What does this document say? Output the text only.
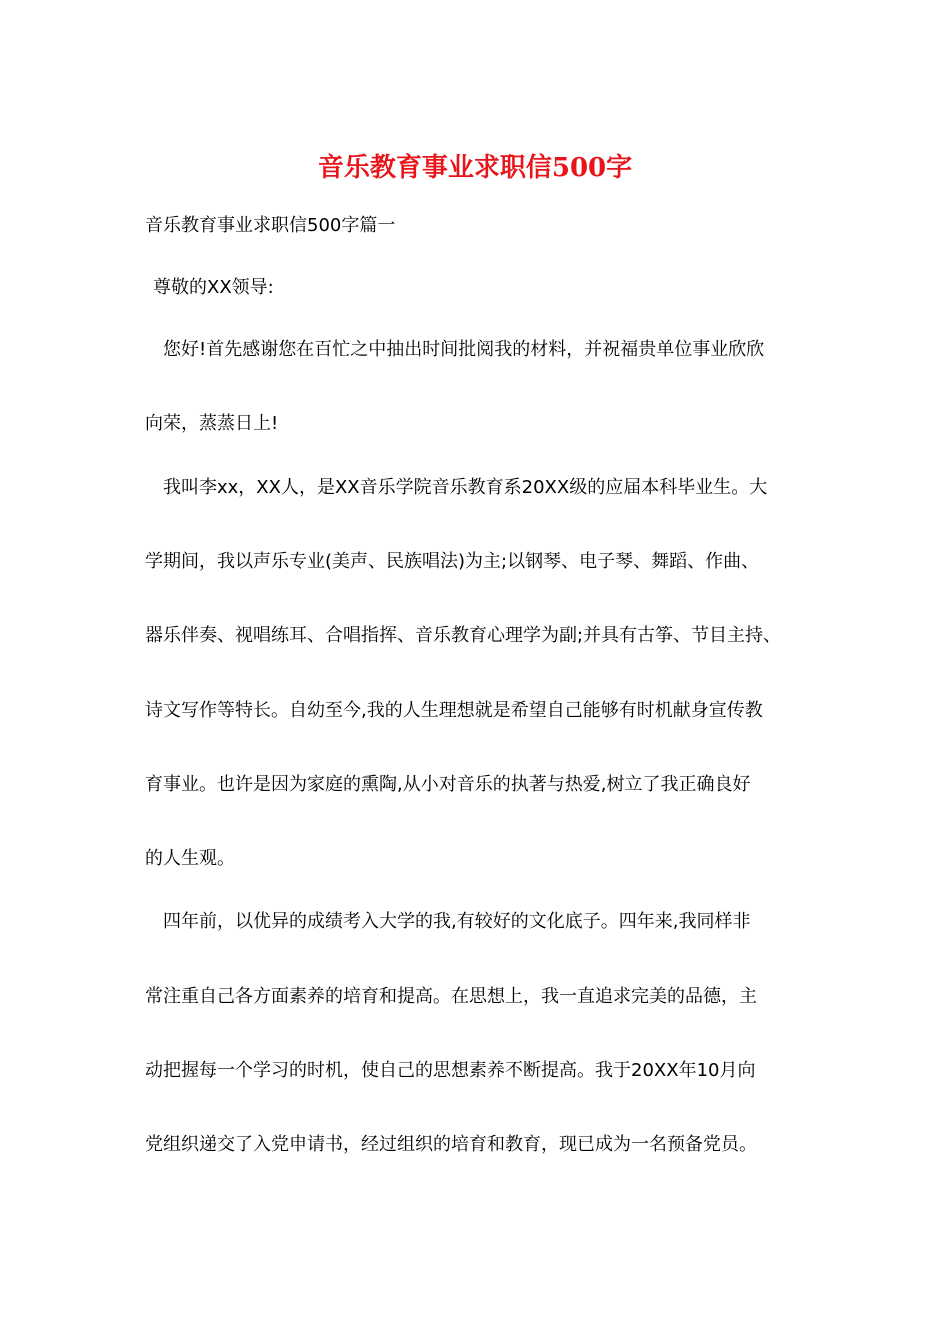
音乐教育事业求职信500字
音乐教育事业求职信500字篇一
尊敬的XX领导:
您好!首先感谢您在百忙之中抽出时间批阅我的材料，并祝福贵单位事业欣欣
向荣，蒸蒸日上!
我叫李xx，XX人，是XX音乐学院音乐教育系20XX级的应届本科毕业生。大
学期间，我以声乐专业(美声、民族唱法)为主;以钢琴、电子琴、舞蹈、作曲、
器乐伴奏、视唱练耳、合唱指挥、音乐教育心理学为副;并具有古筝、节目主持、
诗文写作等特长。自幼至今,我的人生理想就是希望自己能够有时机献身宣传教
育事业。也许是因为家庭的熏陶,从小对音乐的执著与热爱,树立了我正确良好
的人生观。
四年前，以优异的成绩考入大学的我,有较好的文化底子。四年来,我同样非
常注重自己各方面素养的培育和提高。在思想上，我一直追求完美的品德，主
动把握每一个学习的时机，使自己的思想素养不断提高。我于20XX年10月向
党组织递交了入党申请书，经过组织的培育和教育，现已成为一名预备党员。
